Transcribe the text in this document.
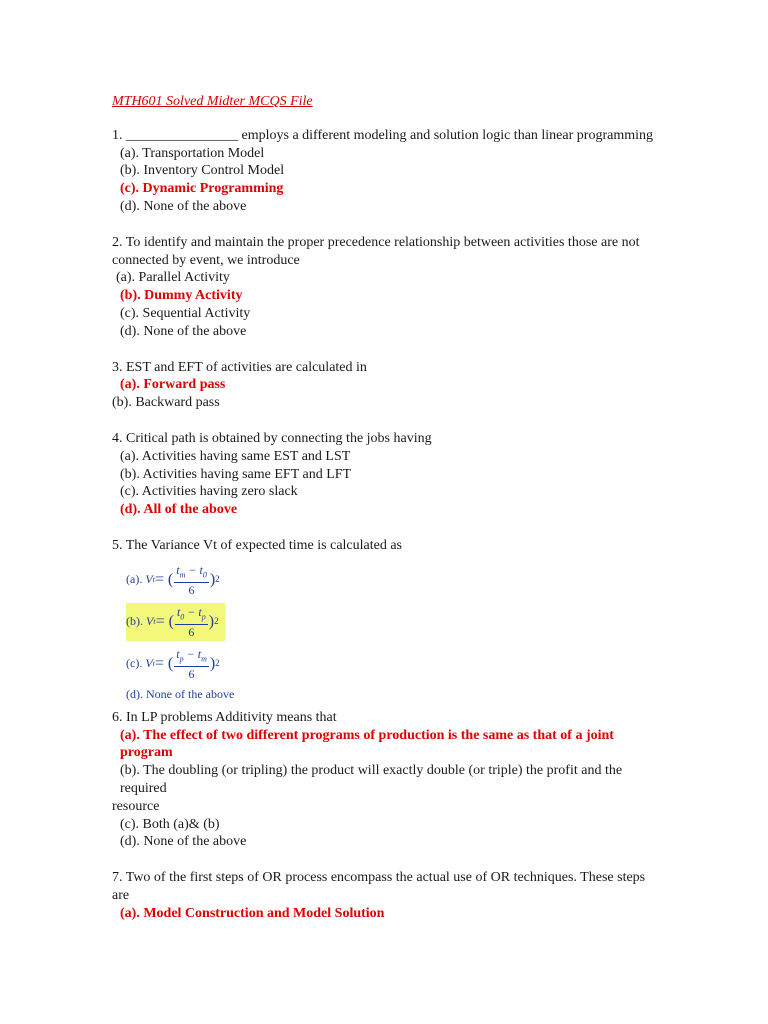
MTH601 Solved Midter MCQS File
1. ________________ employs a different modeling and solution logic than linear programming
(a). Transportation Model
(b). Inventory Control Model
(c). Dynamic Programming
(d). None of the above
2. To identify and maintain the proper precedence relationship between activities those are not connected by event, we introduce
(a). Parallel Activity
(b). Dummy Activity
(c). Sequential Activity
(d). None of the above
3. EST and EFT of activities are calculated in
(a). Forward pass
(b). Backward pass
4. Critical path is obtained by connecting the jobs having
(a). Activities having same EST and LST
(b). Activities having same EFT and LFT
(c). Activities having zero slack
(d). All of the above
5. The Variance Vt of expected time is calculated as
(a). V t = ( $\frac{t_m - t_0}{6}$ ) 2
(b). V t = ( $\frac{t_0 - t_p}{6}$ ) 2
(c). V t = ( $\frac{t_p - t_m}{6}$ ) 2
(d). None of the above
6. In LP problems Additivity means that
(a). The effect of two different programs of production is the same as that of a joint program
(b). The doubling (or tripling) the product will exactly double (or triple) the profit and the required
resource
(c). Both (a)& (b)
(d). None of the above
7. Two of the first steps of OR process encompass the actual use of OR techniques. These steps are
(a). Model Construction and Model Solution
